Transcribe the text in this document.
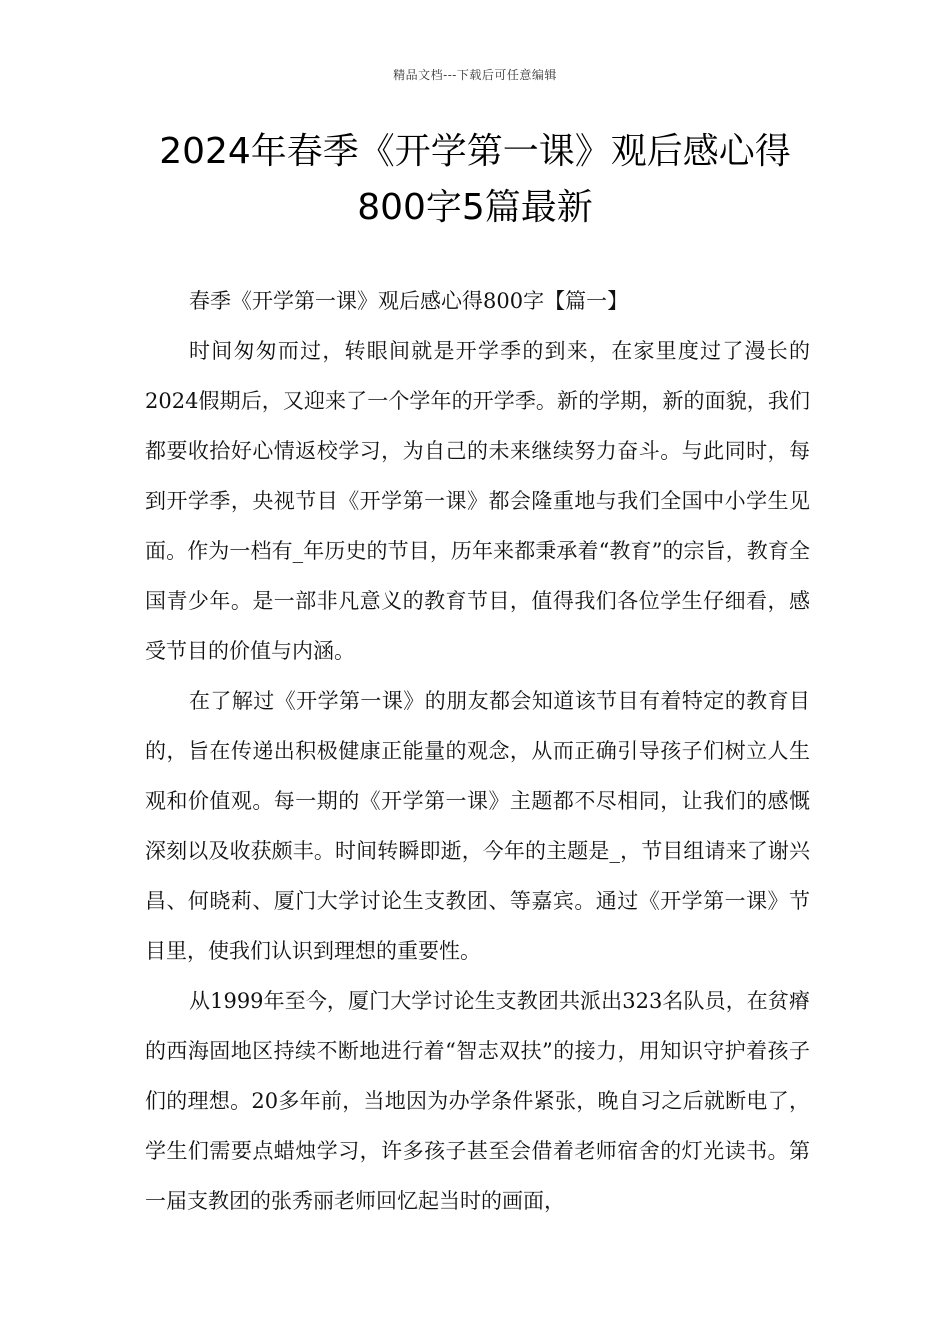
精品文档---下载后可任意编辑
2024年春季《开学第一课》观后感心得
800字5篇最新

春季《开学第一课》观后感心得800字【篇一】

时间匆匆而过，转眼间就是开学季的到来，在家里度过了漫长的2024假期后，又迎来了一个学年的开学季。新的学期，新的面貌，我们都要收拾好心情返校学习，为自己的未来继续努力奋斗。与此同时，每到开学季，央视节目《开学第一课》都会隆重地与我们全国中小学生见面。作为一档有_年历史的节目，历年来都秉承着“教育”的宗旨，教育全国青少年。是一部非凡意义的教育节目，值得我们各位学生仔细看，感受节目的价值与内涵。

在了解过《开学第一课》的朋友都会知道该节目有着特定的教育目的，旨在传递出积极健康正能量的观念，从而正确引导孩子们树立人生观和价值观。每一期的《开学第一课》主题都不尽相同，让我们的感慨深刻以及收获颇丰。时间转瞬即逝，今年的主题是_，节目组请来了谢兴昌、何晓莉、厦门大学讨论生支教团、等嘉宾。通过《开学第一课》节目里，使我们认识到理想的重要性。

从1999年至今，厦门大学讨论生支教团共派出323名队员，在贫瘠的西海固地区持续不断地进行着“智志双扶”的接力，用知识守护着孩子们的理想。20多年前，当地因为办学条件紧张，晚自习之后就断电了，学生们需要点蜡烛学习，许多孩子甚至会借着老师宿舍的灯光读书。第一届支教团的张秀丽老师回忆起当时的画面，
